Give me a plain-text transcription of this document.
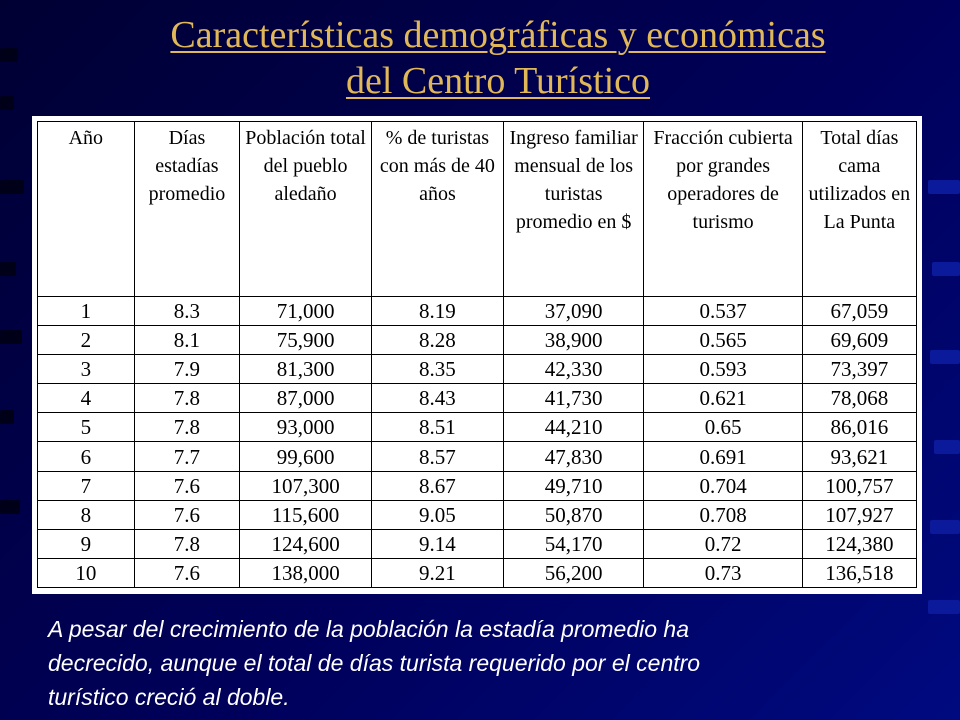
Características demográficas y económicas
del Centro Turístico
Año	Días estadías promedio	Población total del pueblo aledaño	% de turistas con más de 40 años	Ingreso familiar mensual de los turistas promedio en $	Fracción cubierta por grandes operadores de turismo	Total días cama utilizados en La Punta
1	8.3	71,000	8.19	37,090	0.537	67,059
2	8.1	75,900	8.28	38,900	0.565	69,609
3	7.9	81,300	8.35	42,330	0.593	73,397
4	7.8	87,000	8.43	41,730	0.621	78,068
5	7.8	93,000	8.51	44,210	0.65	86,016
6	7.7	99,600	8.57	47,830	0.691	93,621
7	7.6	107,300	8.67	49,710	0.704	100,757
8	7.6	115,600	9.05	50,870	0.708	107,927
9	7.8	124,600	9.14	54,170	0.72	124,380
10	7.6	138,000	9.21	56,200	0.73	136,518
A pesar del crecimiento de la población la estadía promedio ha
decrecido, aunque el total de días turista requerido por el centro
turístico creció al doble.
